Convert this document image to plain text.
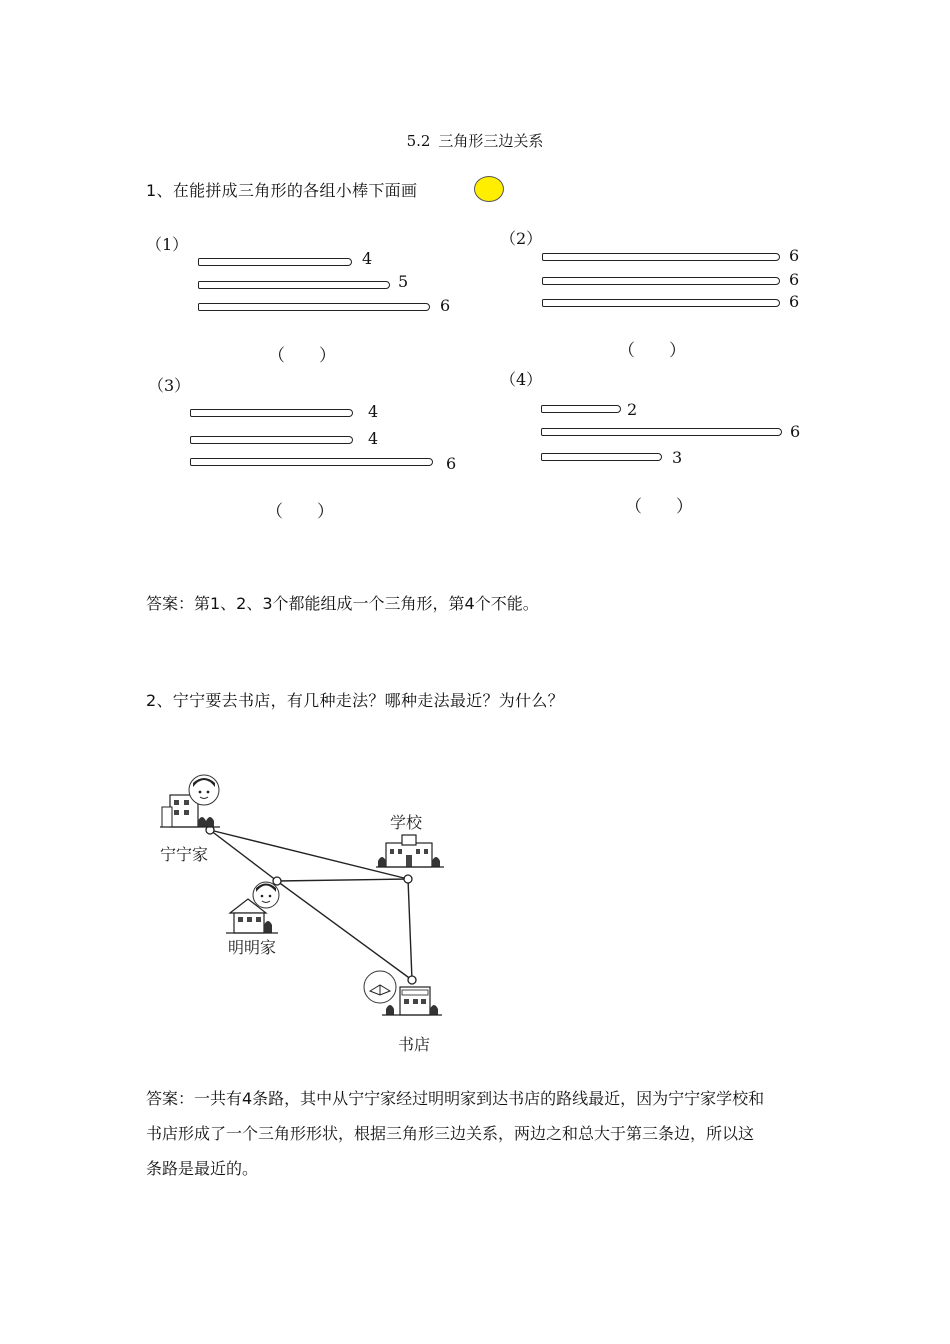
5.2 三角形三边关系
1、在能拼成三角形的各组小棒下面画
（1）
4
5
6
（　　）
（2）
6
6
6
（　　）
（3）
4
4
6
（　　）
（4）
2
6
3
（　　）
答案：第1、2、3个都能组成一个三角形，第4个不能。
2、宁宁要去书店，有几种走法？哪种走法最近？为什么？
宁宁家
学校
明明家
书店
答案：一共有4条路，其中从宁宁家经过明明家到达书店的路线最近，因为宁宁家学校和
书店形成了一个三角形形状，根据三角形三边关系，两边之和总大于第三条边，所以这
条路是最近的。
